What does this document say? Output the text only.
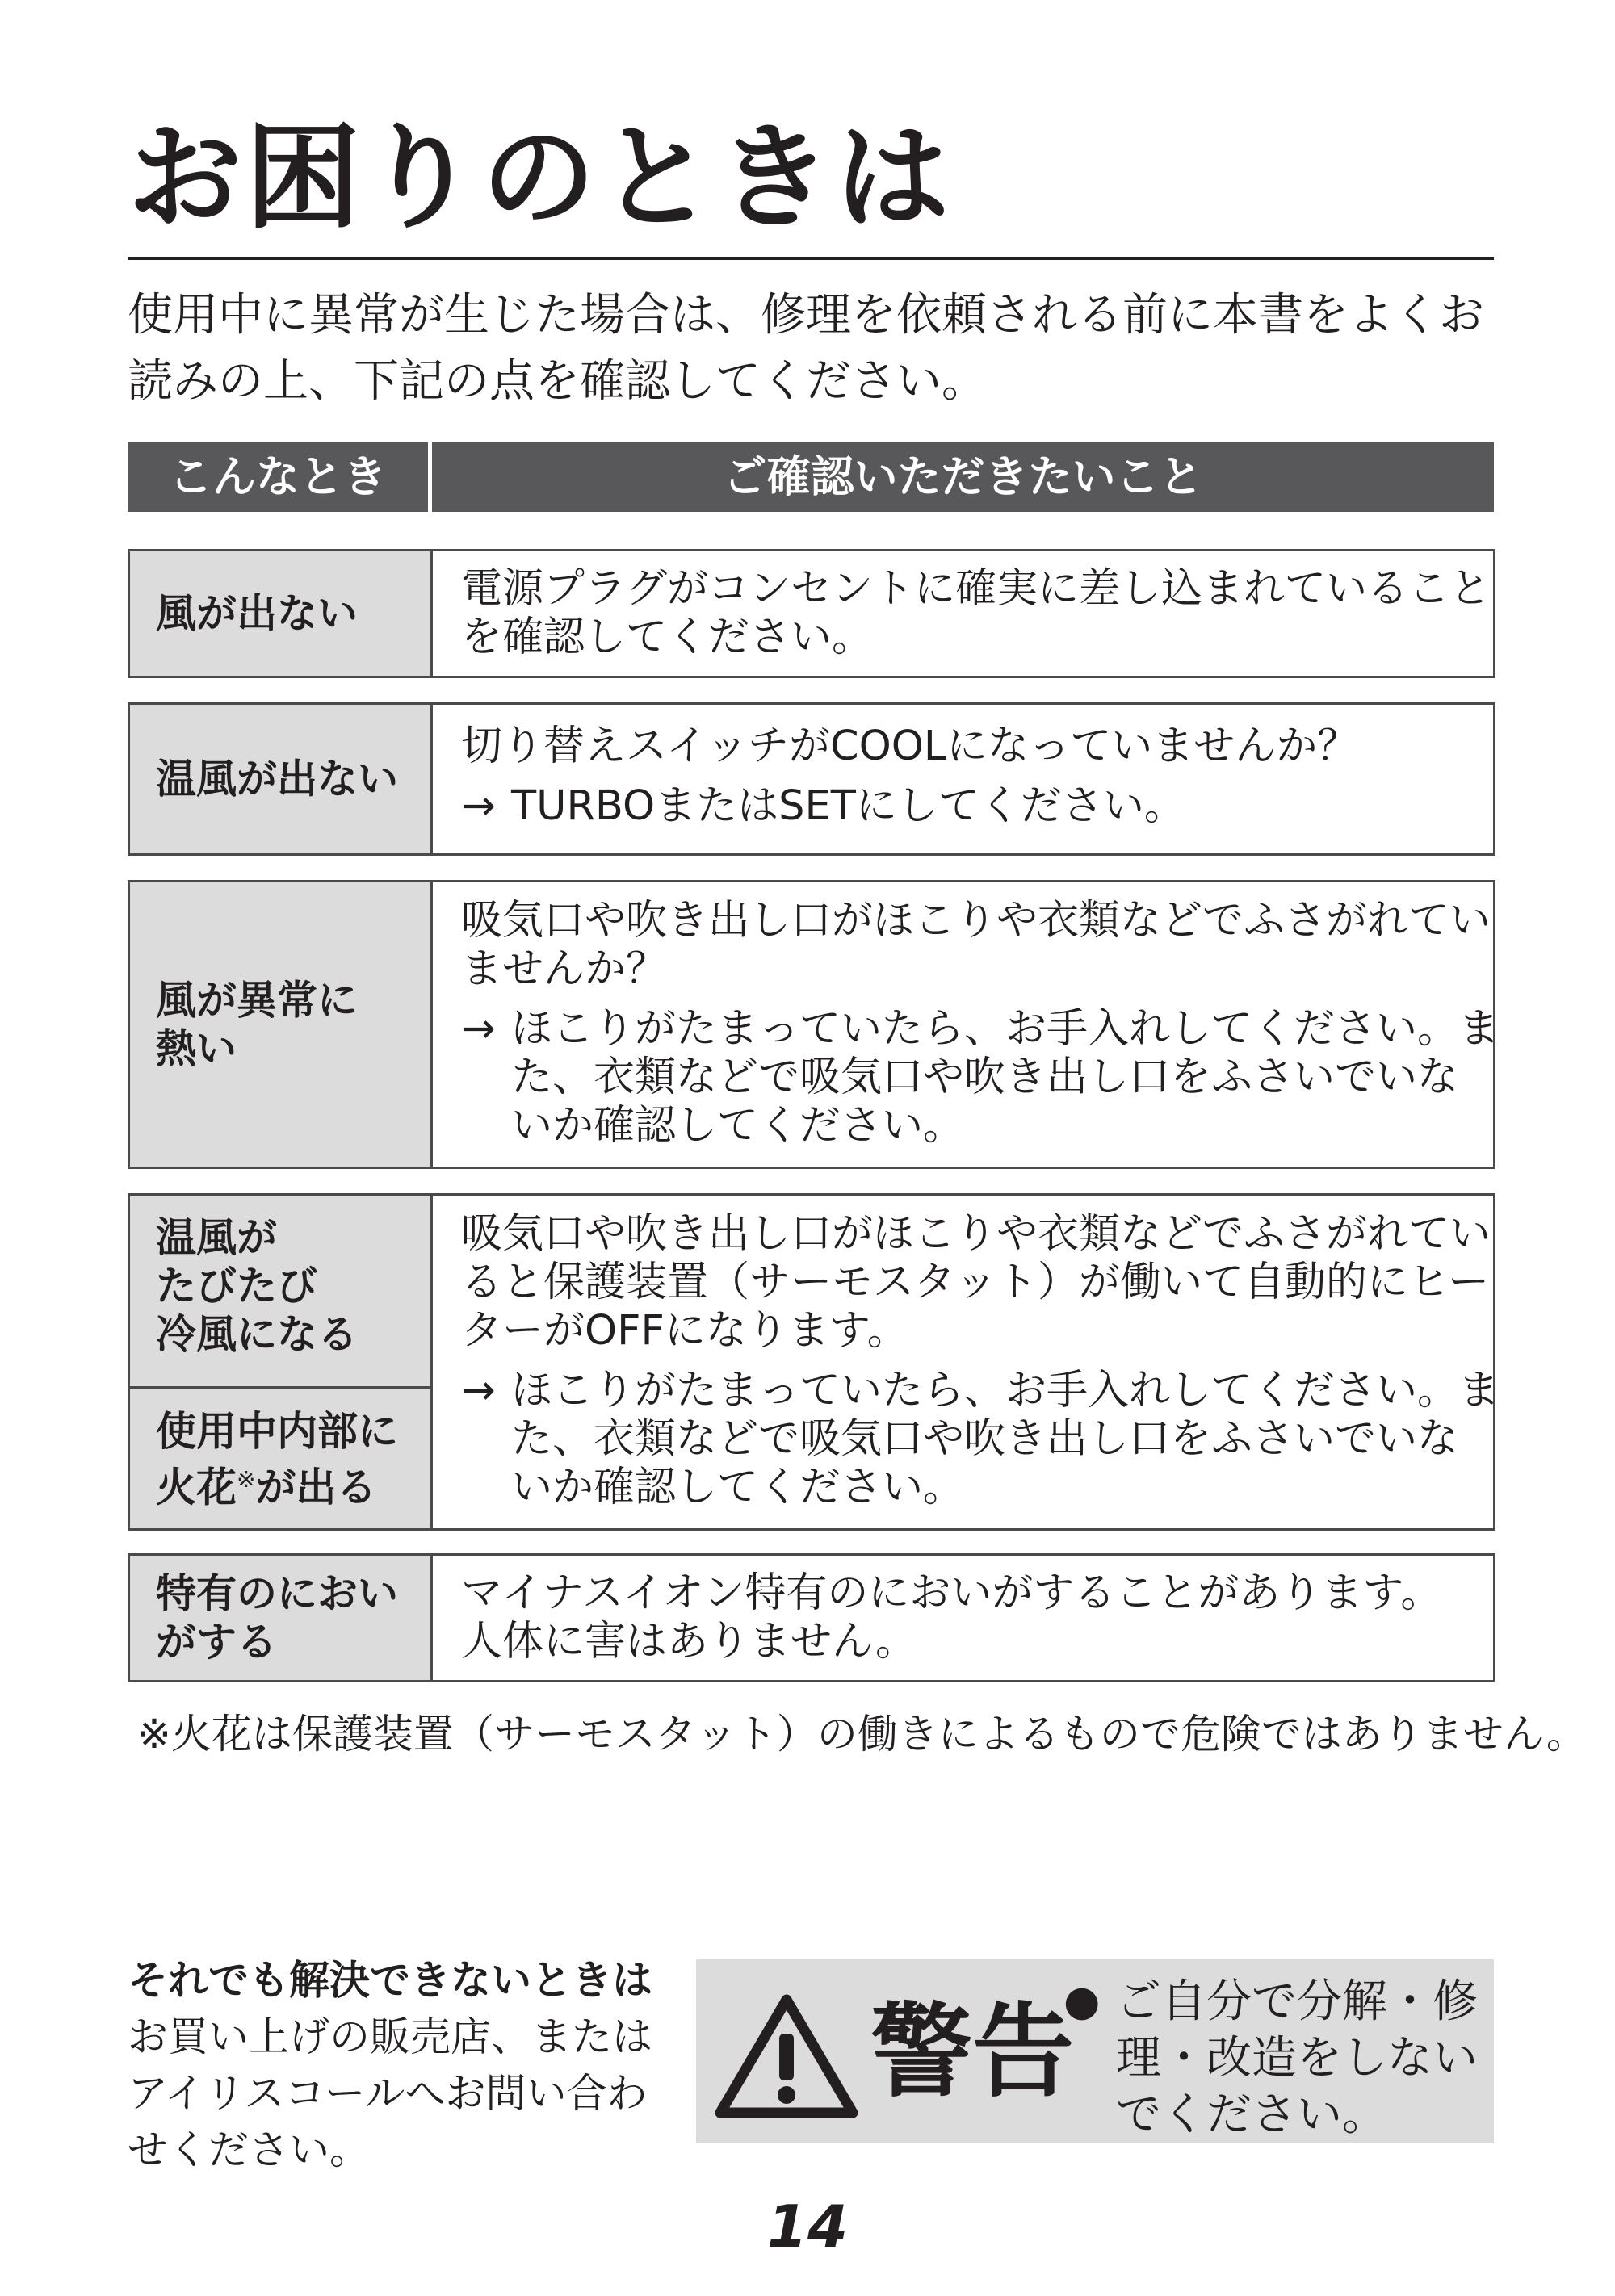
お困りのときは
使用中に異常が生じた場合は、修理を依頼される前に本書をよくお
読みの上、下記の点を確認してください。
こんなとき	ご確認いただきたいこと
風が出ない
電源プラグがコンセントに確実に差し込まれていること
を確認してください。
温風が出ない
切り替えスイッチがCOOLになっていませんか？
→ TURBOまたはSETにしてください。
風が異常に
熱い
吸気口や吹き出し口がほこりや衣類などでふさがれてい
ませんか？
→ ほこりがたまっていたら、お手入れしてください。ま
た、衣類などで吸気口や吹き出し口をふさいでいな
いか確認してください。
温風が
たびたび
冷風になる
使用中内部に
火花※が出る
吸気口や吹き出し口がほこりや衣類などでふさがれてい
ると保護装置（サーモスタット）が働いて自動的にヒー
ターがOFFになります。
→ ほこりがたまっていたら、お手入れしてください。ま
た、衣類などで吸気口や吹き出し口をふさいでいな
いか確認してください。
特有のにおい
がする
マイナスイオン特有のにおいがすることがあります。
人体に害はありません。
※火花は保護装置（サーモスタット）の働きによるもので危険ではありません。
それでも解決できないときは
お買い上げの販売店、または
アイリスコールへお問い合わ
せください。
警告
● ご自分で分解・修
理・改造をしない
でください。
14
